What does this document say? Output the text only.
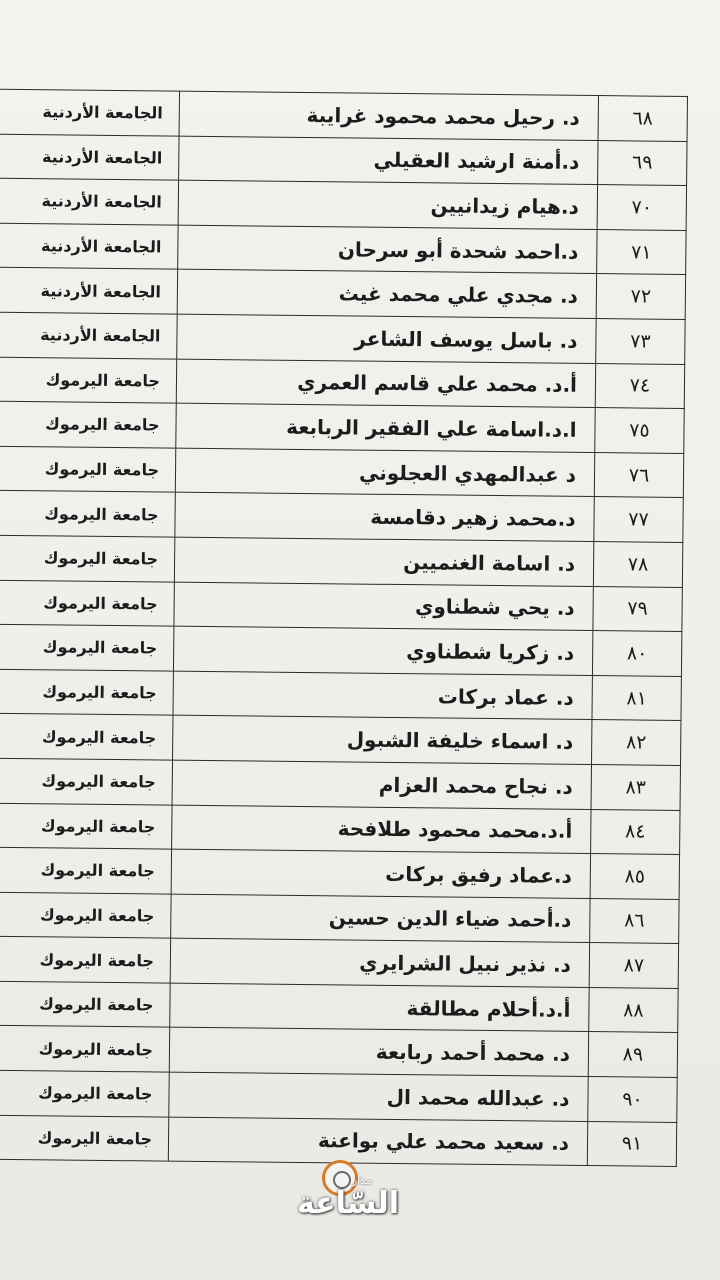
٦٨	د. رحيل محمد محمود غرايبة	الجامعة الأردنية
٦٩	د.أمنة ارشيد العقيلي	الجامعة الأردنية
٧٠	د.هيام زيدانيين	الجامعة الأردنية
٧١	د.احمد شحدة أبو سرحان	الجامعة الأردنية
٧٢	د. مجدي علي محمد غيث	الجامعة الأردنية
٧٣	د. باسل يوسف الشاعر	الجامعة الأردنية
٧٤	أ.د. محمد علي قاسم العمري	جامعة اليرموك
٧٥	ا.د.اسامة علي الفقير الربابعة	جامعة اليرموك
٧٦	د عبدالمهدي العجلوني	جامعة اليرموك
٧٧	د.محمد زهير دقامسة	جامعة اليرموك
٧٨	د. اسامة الغنميين	جامعة اليرموك
٧٩	د. يحي شطناوي	جامعة اليرموك
٨٠	د. زكريا شطناوي	جامعة اليرموك
٨١	د. عماد بركات	جامعة اليرموك
٨٢	د. اسماء خليفة الشبول	جامعة اليرموك
٨٣	د. نجاح محمد العزام	جامعة اليرموك
٨٤	أ.د.محمد محمود طلافحة	جامعة اليرموك
٨٥	د.عماد رفيق بركات	جامعة اليرموك
٨٦	د.أحمد ضياء الدين حسين	جامعة اليرموك
٨٧	د. نذير نبيل الشرايري	جامعة اليرموك
٨٨	أ.د.أحلام مطالقة	جامعة اليرموك
٨٩	د. محمد أحمد ربابعة	جامعة اليرموك
٩٠	د. عبدالله محمد ال	جامعة اليرموك
٩١	د. سعيد محمد علي بواعنة	جامعة اليرموك
مدار
السّاعة
